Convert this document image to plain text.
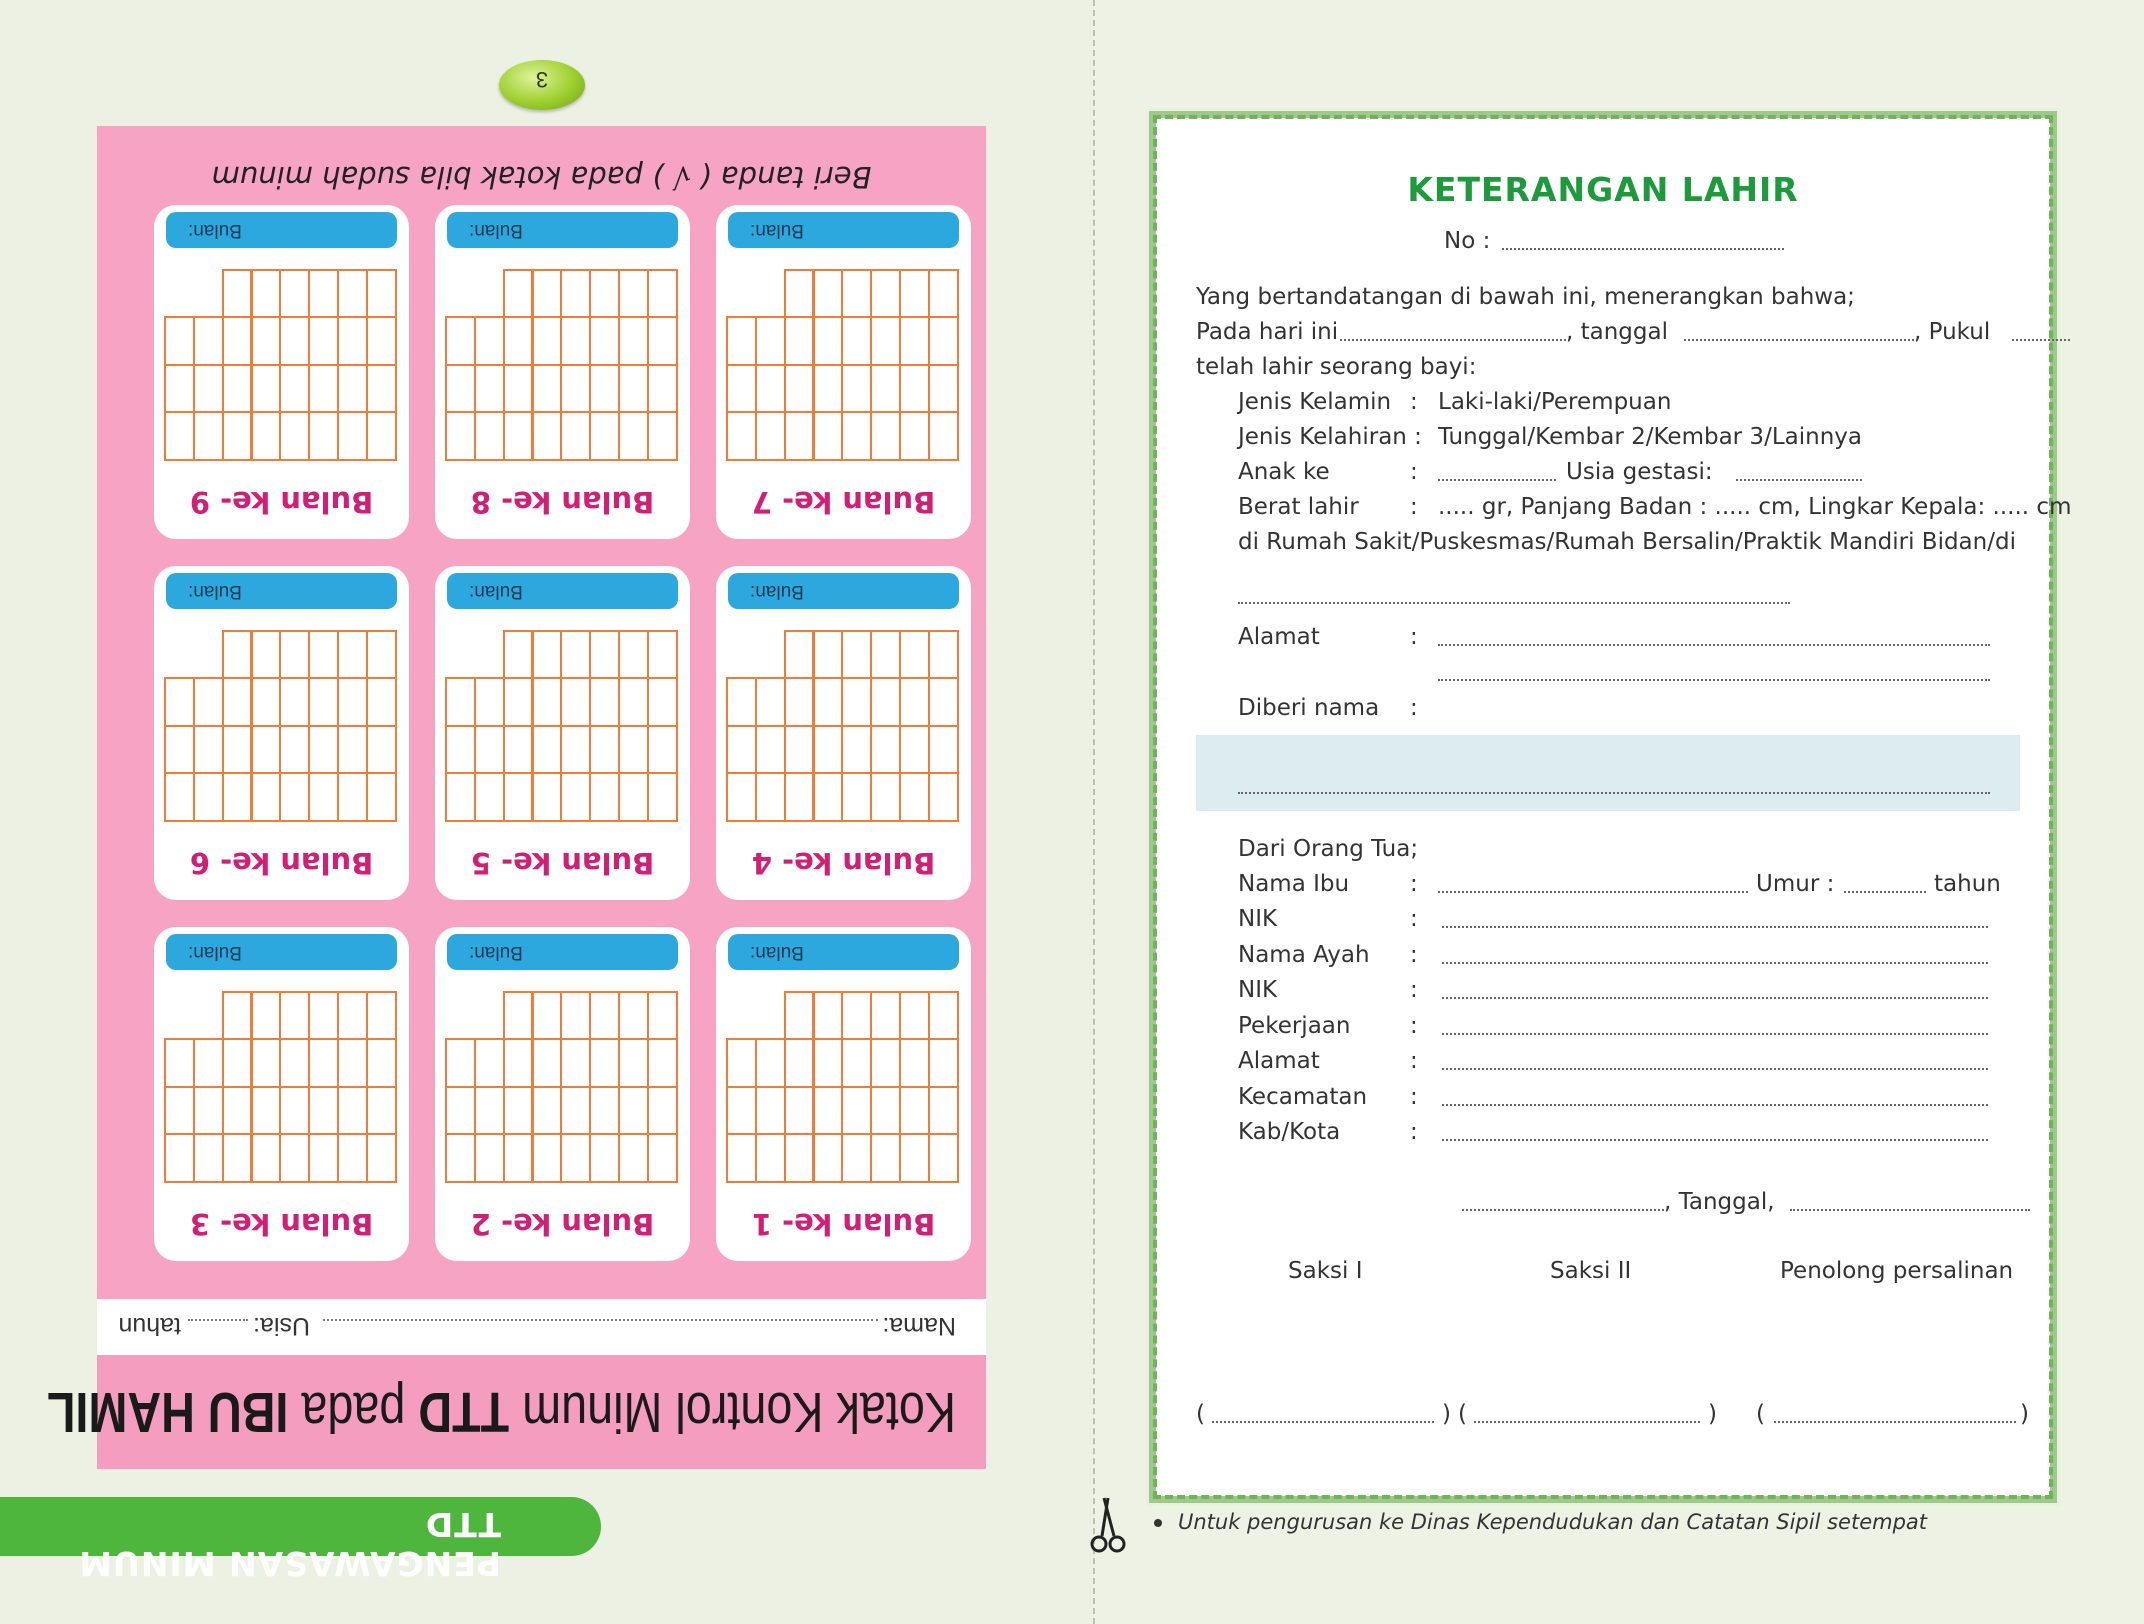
3
Kotak Kontrol Minum TTD pada IBU HAMIL
Nama:
Usia:
tahun
Bulan ke- 1
Bulan:
Bulan ke- 2
Bulan:
Bulan ke- 3
Bulan:
Bulan ke- 4
Bulan:
Bulan ke- 5
Bulan:
Bulan ke- 6
Bulan:
Bulan ke- 7
Bulan:
Bulan ke- 8
Bulan:
Bulan ke- 9
Bulan:
Beri tanda ( √ ) pada kotak bila sudah minum
PENGAWASAN MINUM TTD
KETERANGAN LAHIR
No :
Yang bertandatangan di bawah ini, menerangkan bahwa;
Pada hari ini	, tanggal	, Pukul
telah lahir seorang bayi:
Jenis Kelamin : Laki-laki/Perempuan
Jenis Kelahiran : Tunggal/Kembar 2/Kembar 3/Lainnya
Anak ke	:	Usia gestasi:
Berat lahir : ..... gr, Panjang Badan : ..... cm, Lingkar Kepala: ..... cm
di Rumah Sakit/Puskesmas/Rumah Bersalin/Praktik Mandiri Bidan/di
Alamat	:
Diberi nama :
Dari Orang Tua;
Nama Ibu	:	Umur :	tahun
NIK	:
Nama Ayah :
NIK	:
Pekerjaan	:
Alamat	:
Kecamatan :
Kab/Kota	:
, Tanggal,
Saksi I	Saksi II	Penolong persalinan
(	) (	) (	)
Untuk pengurusan ke Dinas Kependudukan dan Catatan Sipil setempat
